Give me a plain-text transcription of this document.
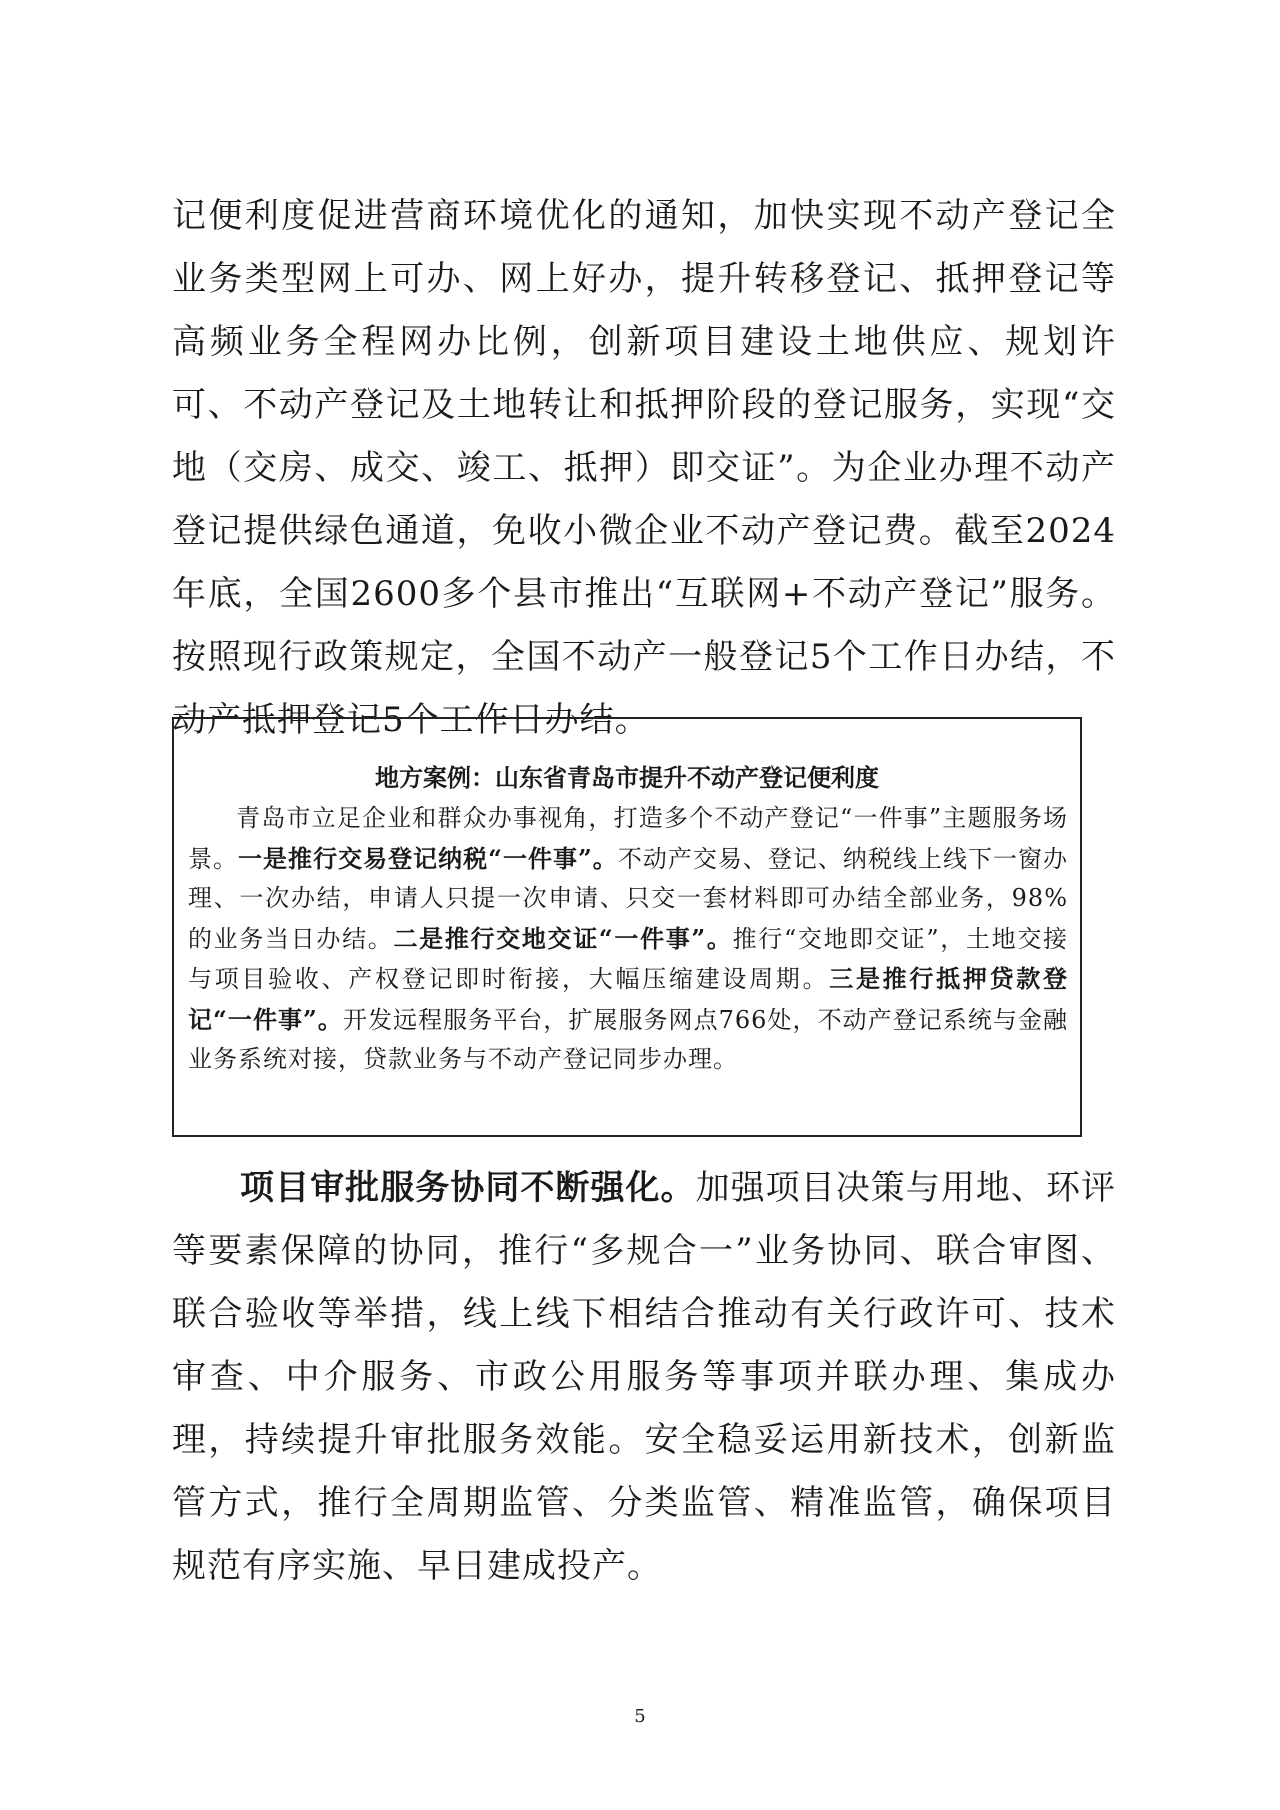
记便利度促进营商环境优化的通知，加快实现不动产登记全业务类型网上可办、网上好办，提升转移登记、抵押登记等高频业务全程网办比例，创新项目建设土地供应、规划许可、不动产登记及土地转让和抵押阶段的登记服务，实现“交地（交房、成交、竣工、抵押）即交证”。为企业办理不动产登记提供绿色通道，免收小微企业不动产登记费。截至2024年底，全国2600多个县市推出“互联网+不动产登记”服务。按照现行政策规定，全国不动产一般登记5个工作日办结，不动产抵押登记5个工作日办结。

地方案例：山东省青岛市提升不动产登记便利度

青岛市立足企业和群众办事视角，打造多个不动产登记“一件事”主题服务场景。一是推行交易登记纳税“一件事”。不动产交易、登记、纳税线上线下一窗办理、一次办结，申请人只提一次申请、只交一套材料即可办结全部业务，98%的业务当日办结。二是推行交地交证“一件事”。推行“交地即交证”，土地交接与项目验收、产权登记即时衔接，大幅压缩建设周期。三是推行抵押贷款登记“一件事”。开发远程服务平台，扩展服务网点766处，不动产登记系统与金融业务系统对接，贷款业务与不动产登记同步办理。

项目审批服务协同不断强化。加强项目决策与用地、环评等要素保障的协同，推行“多规合一”业务协同、联合审图、联合验收等举措，线上线下相结合推动有关行政许可、技术审查、中介服务、市政公用服务等事项并联办理、集成办理，持续提升审批服务效能。安全稳妥运用新技术，创新监管方式，推行全周期监管、分类监管、精准监管，确保项目规范有序实施、早日建成投产。

5
